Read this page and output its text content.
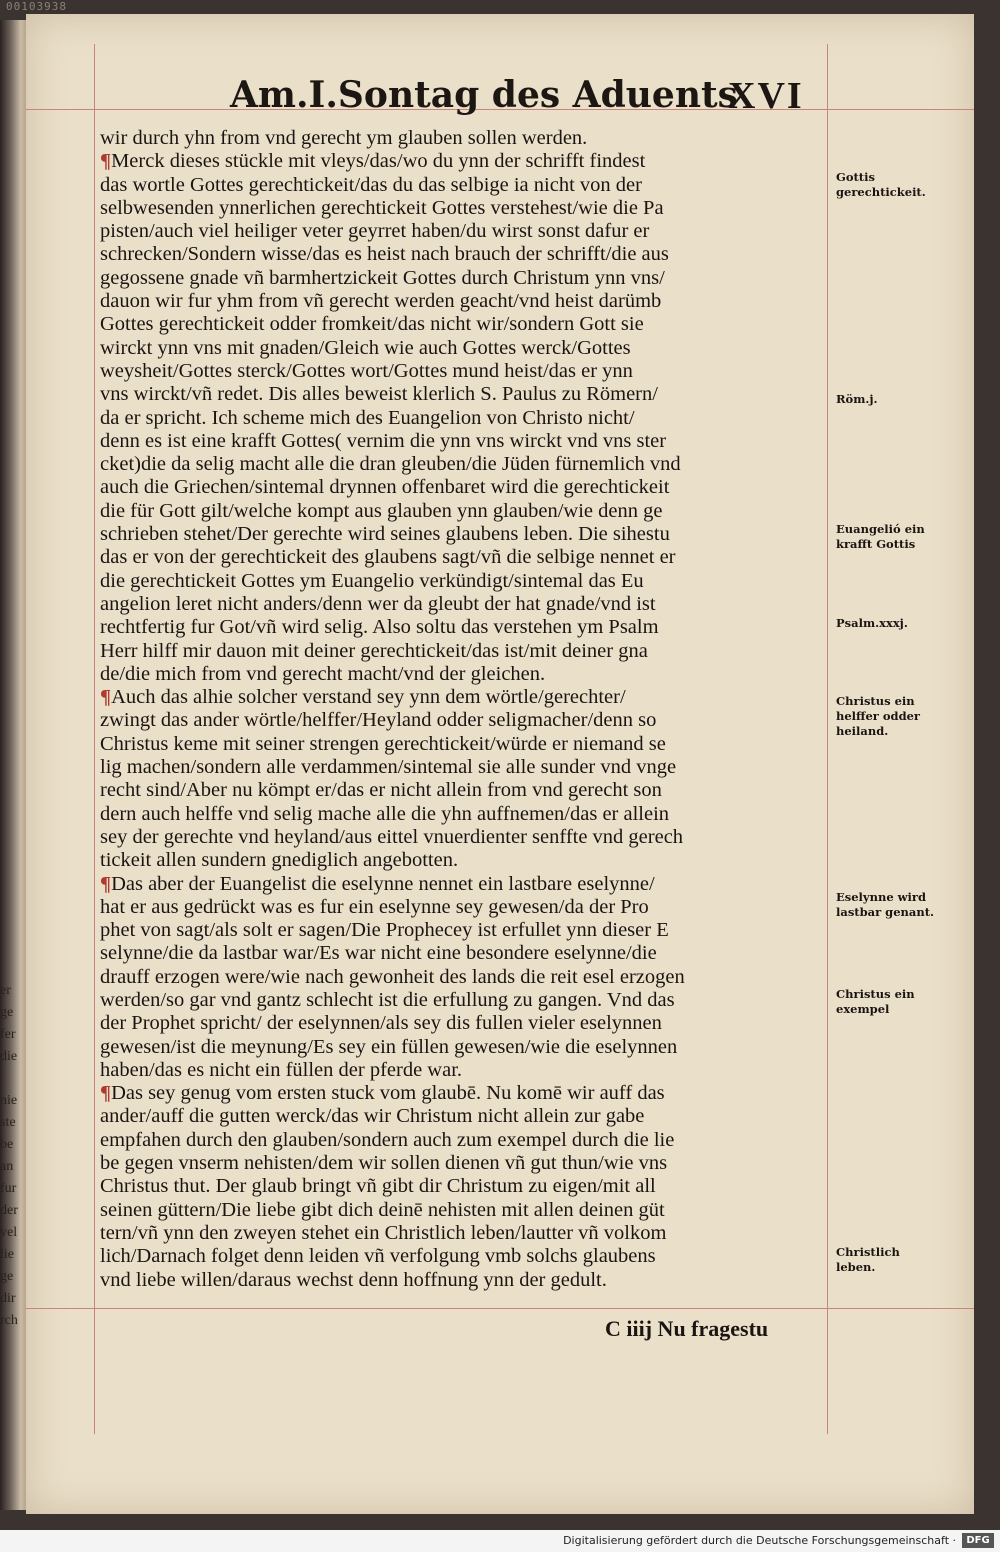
00103938
er
ge
fer
die
nie
ste
be
an
fur
der
vel
lie
ge
dir
rch
Am.I.Sontag des Aduents
XVI
wir durch yhn from vnd gerecht ym glauben sollen werden.
¶Merck dieses stückle mit vleys/das/wo du ynn der schrifft findest
das wortle Gottes gerechtickeit/das du das selbige ia nicht von der
selbwesenden ynnerlichen gerechtickeit Gottes verstehest/wie die Pa
pisten/auch viel heiliger veter geyrret haben/du wirst sonst dafur er
schrecken/Sondern wisse/das es heist nach brauch der schrifft/die aus
gegossene gnade vñ barmhertzickeit Gottes durch Christum ynn vns/
dauon wir fur yhm from vñ gerecht werden geacht/vnd heist darümb
Gottes gerechtickeit odder fromkeit/das nicht wir/sondern Gott sie
wirckt ynn vns mit gnaden/Gleich wie auch Gottes werck/Gottes
weysheit/Gottes sterck/Gottes wort/Gottes mund heist/das er ynn
vns wirckt/vñ redet. Dis alles beweist klerlich S. Paulus zu Römern/
da er spricht. Ich scheme mich des Euangelion von Christo nicht/
denn es ist eine krafft Gottes( vernim die ynn vns wirckt vnd vns ster
cket)die da selig macht alle die dran gleuben/die Jüden fürnemlich vnd
auch die Griechen/sintemal drynnen offenbaret wird die gerechtickeit
die für Gott gilt/welche kompt aus glauben ynn glauben/wie denn ge
schrieben stehet/Der gerechte wird seines glaubens leben. Die sihestu
das er von der gerechtickeit des glaubens sagt/vñ die selbige nennet er
die gerechtickeit Gottes ym Euangelio verkündigt/sintemal das Eu
angelion leret nicht anders/denn wer da gleubt der hat gnade/vnd ist
rechtfertig fur Got/vñ wird selig. Also soltu das verstehen ym Psalm
Herr hilff mir dauon mit deiner gerechtickeit/das ist/mit deiner gna
de/die mich from vnd gerecht macht/vnd der gleichen.
¶Auch das alhie solcher verstand sey ynn dem wörtle/gerechter/
zwingt das ander wörtle/helffer/Heyland odder seligmacher/denn so
Christus keme mit seiner strengen gerechtickeit/würde er niemand se
lig machen/sondern alle verdammen/sintemal sie alle sunder vnd vnge
recht sind/Aber nu kömpt er/das er nicht allein from vnd gerecht son
dern auch helffe vnd selig mache alle die yhn auffnemen/das er allein
sey der gerechte vnd heyland/aus eittel vnuerdienter senffte vnd gerech
tickeit allen sundern gnediglich angebotten.
¶Das aber der Euangelist die eselynne nennet ein lastbare eselynne/
hat er aus gedrückt was es fur ein eselynne sey gewesen/da der Pro
phet von sagt/als solt er sagen/Die Prophecey ist erfullet ynn dieser E
selynne/die da lastbar war/Es war nicht eine besondere eselynne/die
drauff erzogen were/wie nach gewonheit des lands die reit esel erzogen
werden/so gar vnd gantz schlecht ist die erfullung zu gangen. Vnd das
der Prophet spricht/ der eselynnen/als sey dis fullen vieler eselynnen
gewesen/ist die meynung/Es sey ein füllen gewesen/wie die eselynnen
haben/das es nicht ein füllen der pferde war.
¶Das sey genug vom ersten stuck vom glaubē. Nu komē wir auff das
ander/auff die gutten werck/das wir Christum nicht allein zur gabe
empfahen durch den glauben/sondern auch zum exempel durch die lie
be gegen vnserm nehisten/dem wir sollen dienen vñ gut thun/wie vns
Christus thut. Der glaub bringt vñ gibt dir Christum zu eigen/mit all
seinen güttern/Die liebe gibt dich deinē nehisten mit allen deinen güt
tern/vñ ynn den zweyen stehet ein Christlich leben/lautter vñ volkom
lich/Darnach folget denn leiden vñ verfolgung vmb solchs glaubens
vnd liebe willen/daraus wechst denn hoffnung ynn der gedult.
Gottis gerechtickeit.
Röm.j.
Euangelió ein krafft Gottis
Psalm.xxxj.
Christus ein helffer odder heiland.
Eselynne wird lastbar genant.
Christus ein exempel
Christlich leben.
C iiij Nu fragestu
Digitalisierung gefördert durch die Deutsche Forschungsgemeinschaft ·	DFG
